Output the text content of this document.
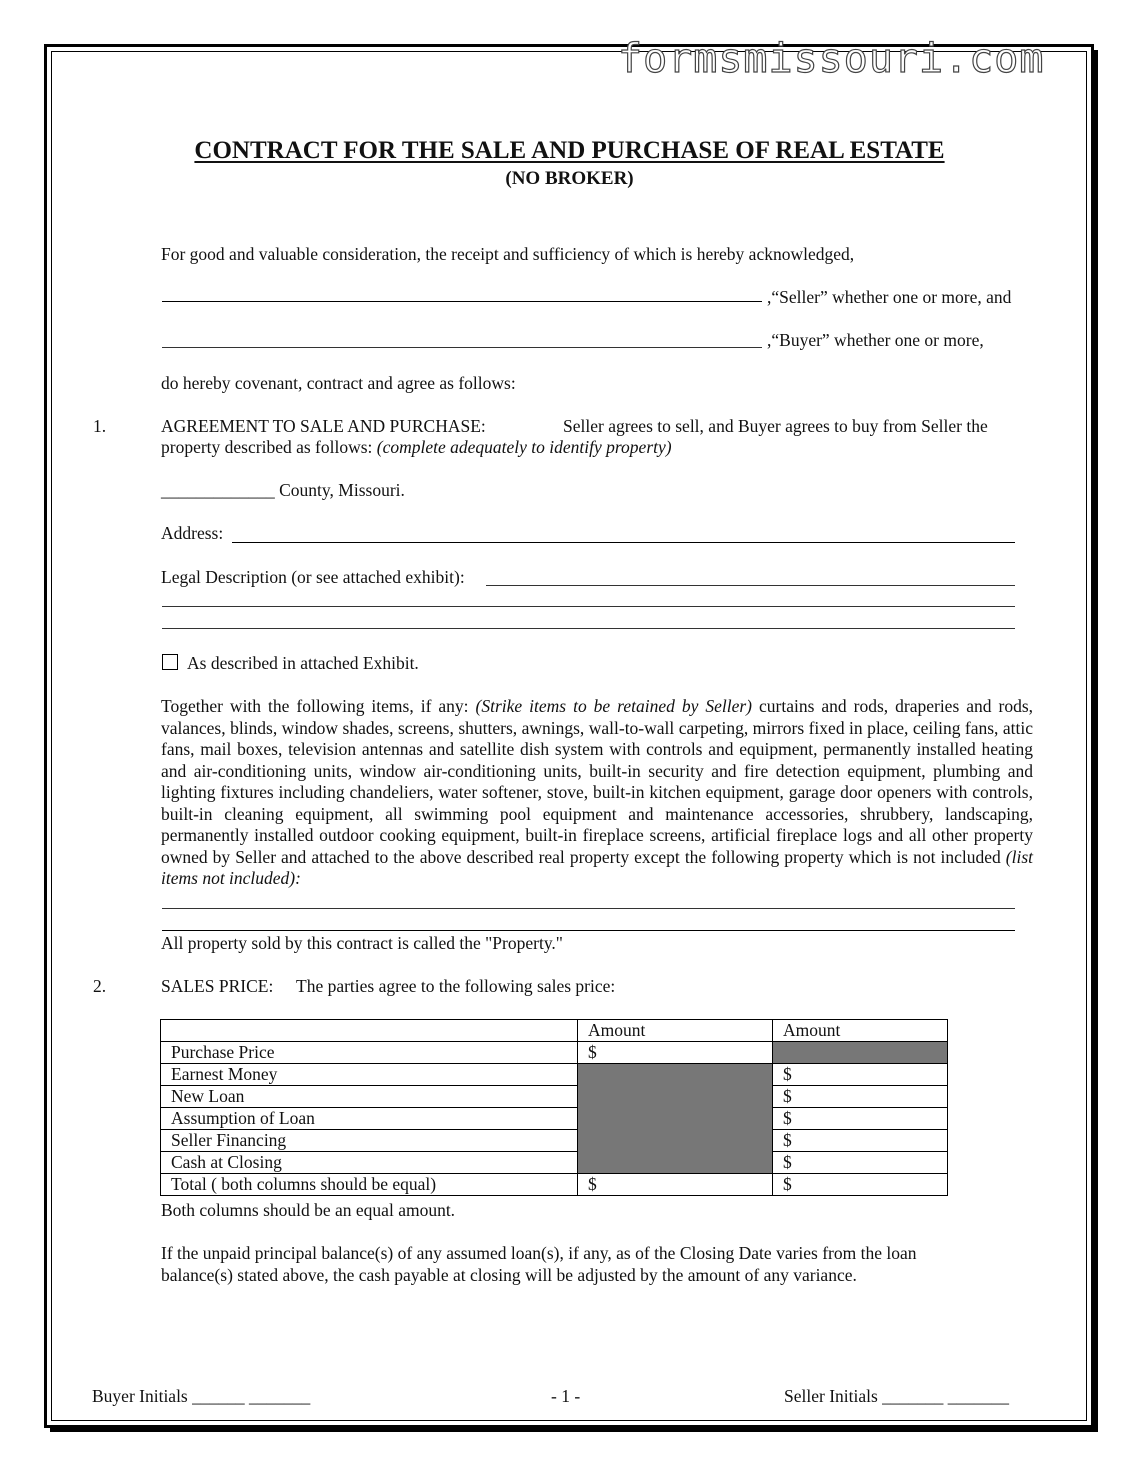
formsmissouri.com
CONTRACT FOR THE SALE AND PURCHASE OF REAL ESTATE
(NO BROKER)
For good and valuable consideration, the receipt and sufficiency of which is hereby acknowledged,
,“Seller” whether one or more, and
,“Buyer” whether one or more,
do hereby covenant, contract and agree as follows:
1.	AGREEMENT TO SALE AND PURCHASE:	Seller agrees to sell, and Buyer agrees to buy from Seller the
property described as follows: (complete adequately to identify property)
_____________ County, Missouri.
Address:
Legal Description (or see attached exhibit):
As described in attached Exhibit.
Together with the following items, if any: (Strike items to be retained by Seller) curtains and rods, draperies and rods, valances, blinds, window shades, screens, shutters, awnings, wall-to-wall carpeting, mirrors fixed in place, ceiling fans, attic fans, mail boxes, television antennas and satellite dish system with controls and equipment, permanently installed heating and air-conditioning units, window air-conditioning units, built-in security and fire detection equipment, plumbing and lighting fixtures including chandeliers, water softener, stove, built-in kitchen equipment, garage door openers with controls, built-in cleaning equipment, all swimming pool equipment and maintenance accessories, shrubbery, landscaping, permanently installed outdoor cooking equipment, built-in fireplace screens, artificial fireplace logs and all other property owned by Seller and attached to the above described real property except the following property which is not included (list items not included):
All property sold by this contract is called the "Property."
2.	SALES PRICE: The parties agree to the following sales price:
	Amount	Amount
Purchase Price	$	
Earnest Money		$
New Loan		$
Assumption of Loan		$
Seller Financing		$
Cash at Closing		$
Total ( both columns should be equal)	$	$
Both columns should be an equal amount.
If the unpaid principal balance(s) of any assumed loan(s), if any, as of the Closing Date varies from the loan balance(s) stated above, the cash payable at closing will be adjusted by the amount of any variance.
Buyer Initials ______ _______	- 1 -	Seller Initials _______ _______
